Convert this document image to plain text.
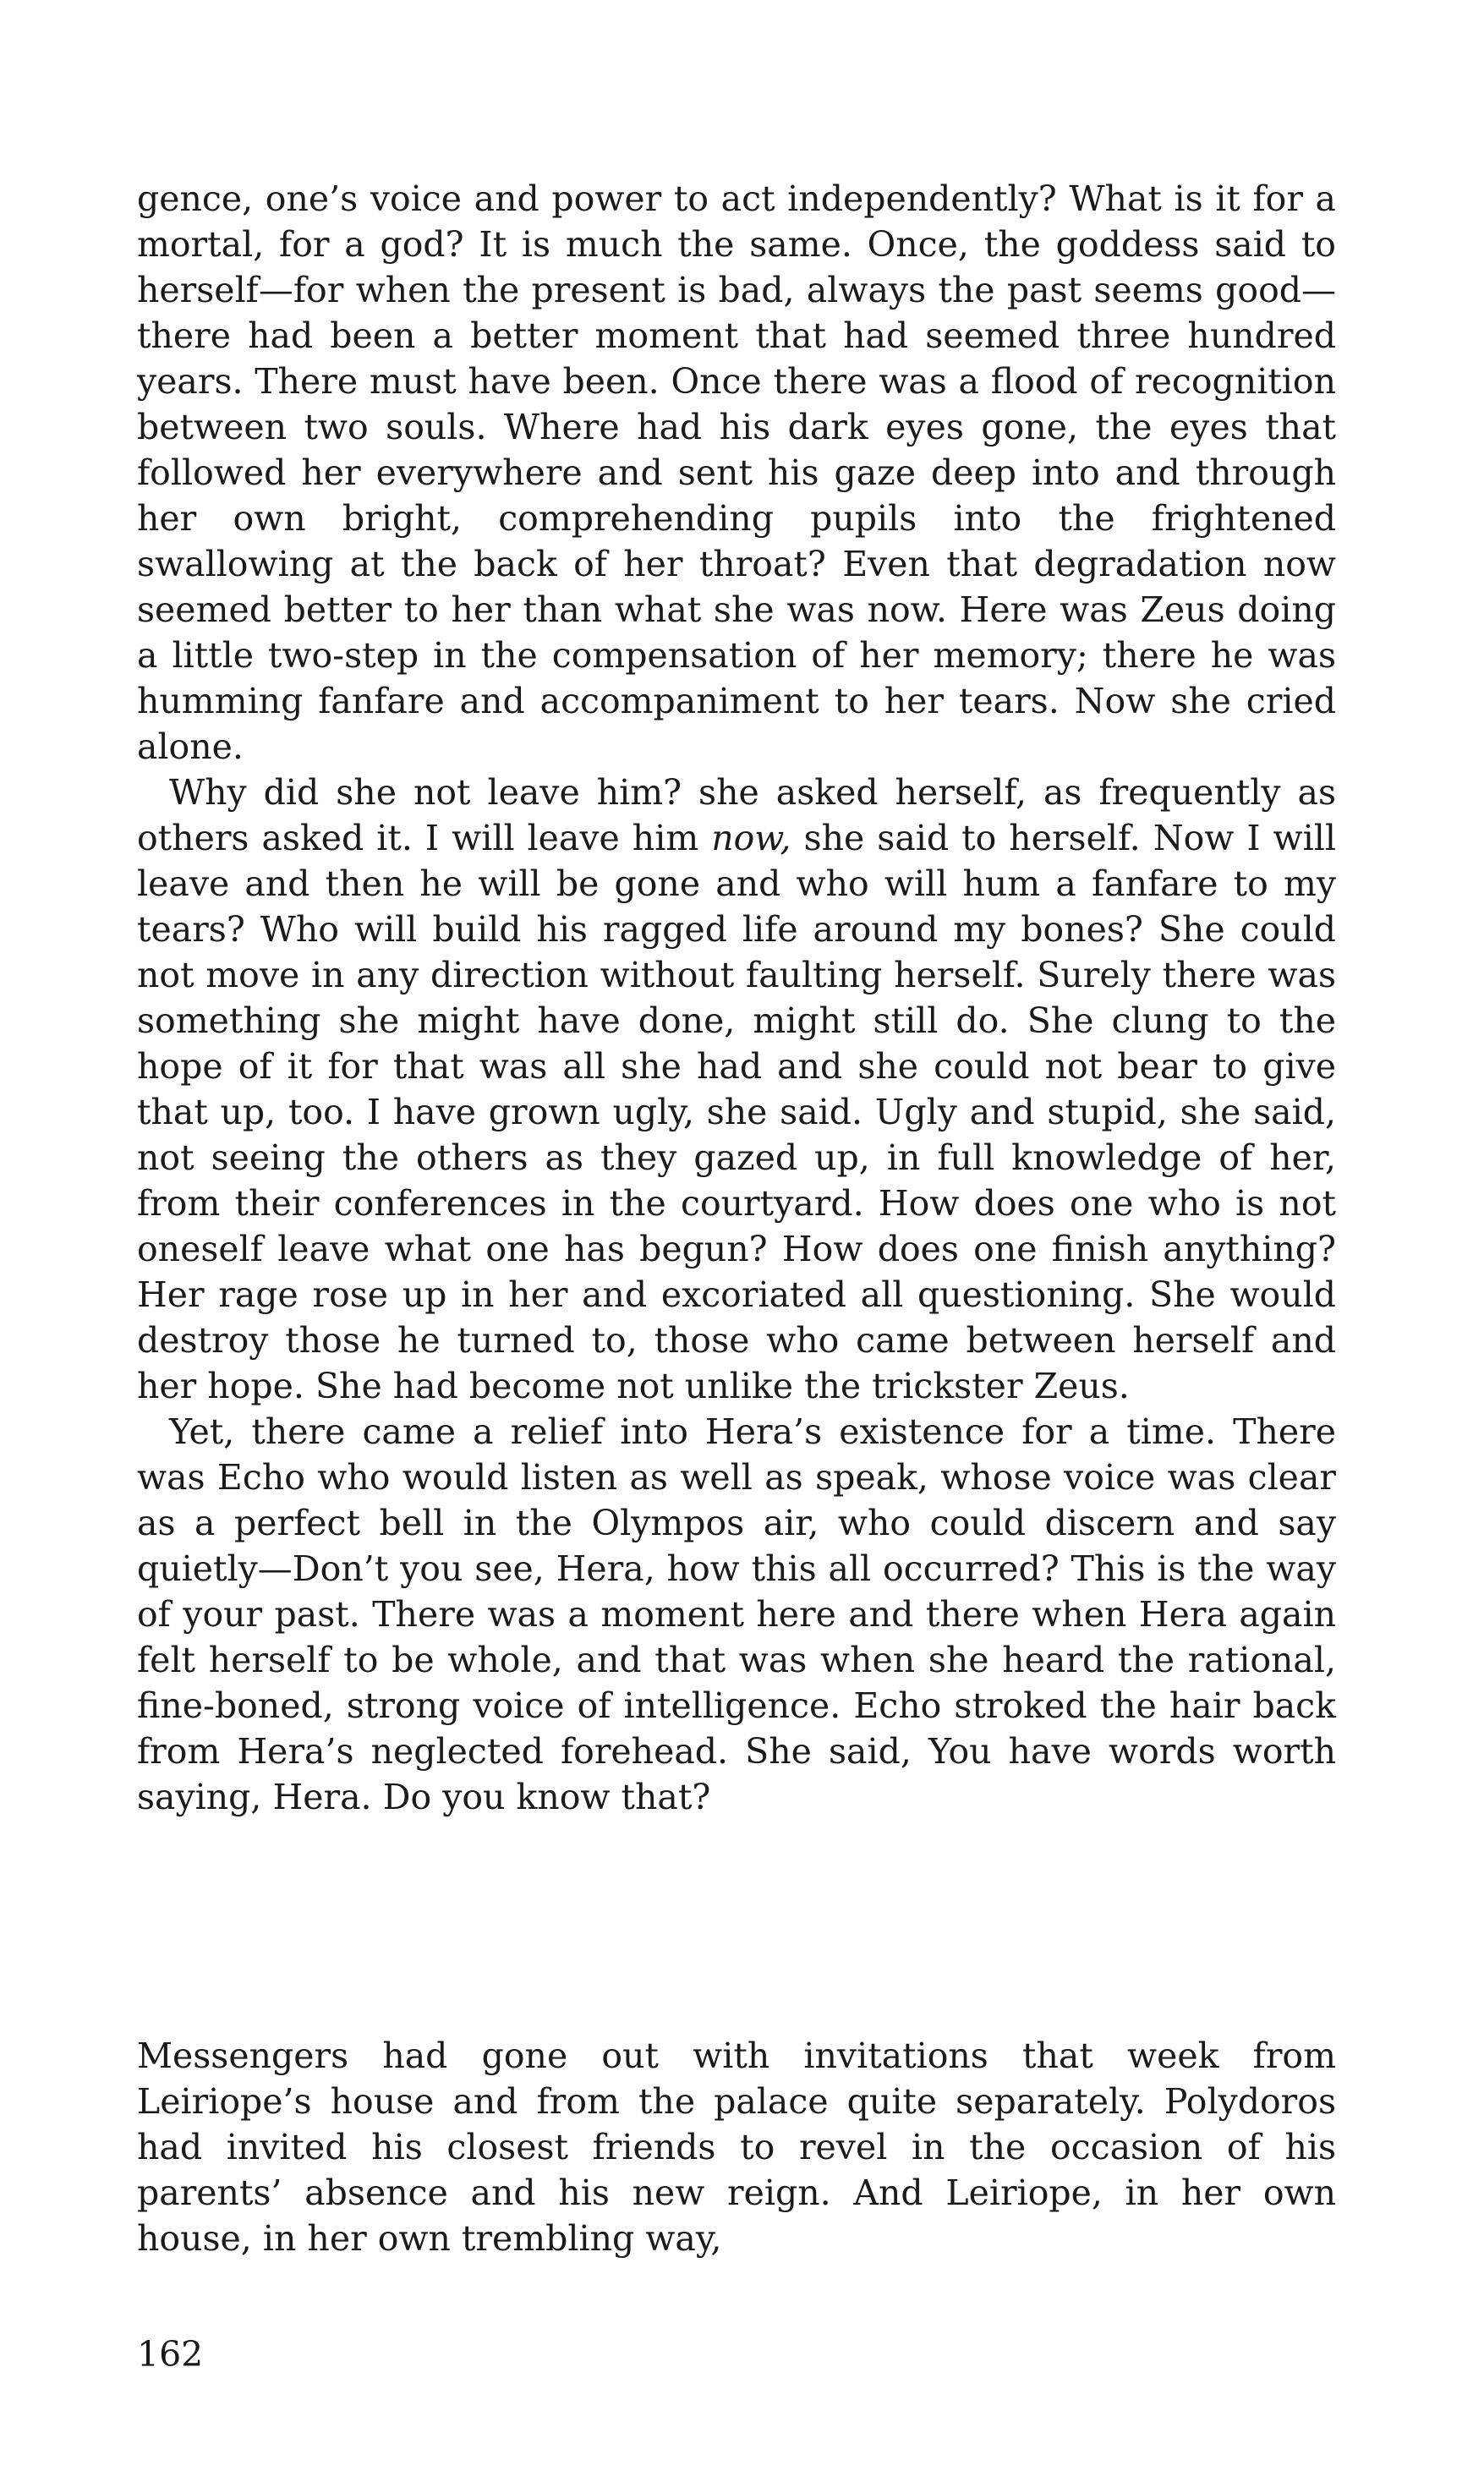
gence, one’s voice and power to act independently? What is it for a mortal, for a god? It is much the same. Once, the goddess said to herself—for when the present is bad, always the past seems good—there had been a better moment that had seemed three hundred years. There must have been. Once there was a flood of recognition between two souls. Where had his dark eyes gone, the eyes that followed her everywhere and sent his gaze deep into and through her own bright, comprehending pupils into the frightened swallowing at the back of her throat? Even that degradation now seemed better to her than what she was now. Here was Zeus doing a little two-step in the compensation of her memory; there he was humming fanfare and accompaniment to her tears. Now she cried alone.

Why did she not leave him? she asked herself, as frequently as others asked it. I will leave him now, she said to herself. Now I will leave and then he will be gone and who will hum a fanfare to my tears? Who will build his ragged life around my bones? She could not move in any direction without faulting herself. Surely there was something she might have done, might still do. She clung to the hope of it for that was all she had and she could not bear to give that up, too. I have grown ugly, she said. Ugly and stupid, she said, not seeing the others as they gazed up, in full knowledge of her, from their conferences in the courtyard. How does one who is not oneself leave what one has begun? How does one finish anything? Her rage rose up in her and excoriated all questioning. She would destroy those he turned to, those who came between herself and her hope. She had become not unlike the trickster Zeus.

Yet, there came a relief into Hera’s existence for a time. There was Echo who would listen as well as speak, whose voice was clear as a perfect bell in the Olympos air, who could discern and say quietly—Don’t you see, Hera, how this all occurred? This is the way of your past. There was a moment here and there when Hera again felt herself to be whole, and that was when she heard the rational, fine-boned, strong voice of intelligence. Echo stroked the hair back from Hera’s neglected forehead. She said, You have words worth saying, Hera. Do you know that?

Messengers had gone out with invitations that week from Leiriope’s house and from the palace quite separately. Polydoros had invited his closest friends to revel in the occasion of his parents’ absence and his new reign. And Leiriope, in her own house, in her own trembling way,

162
